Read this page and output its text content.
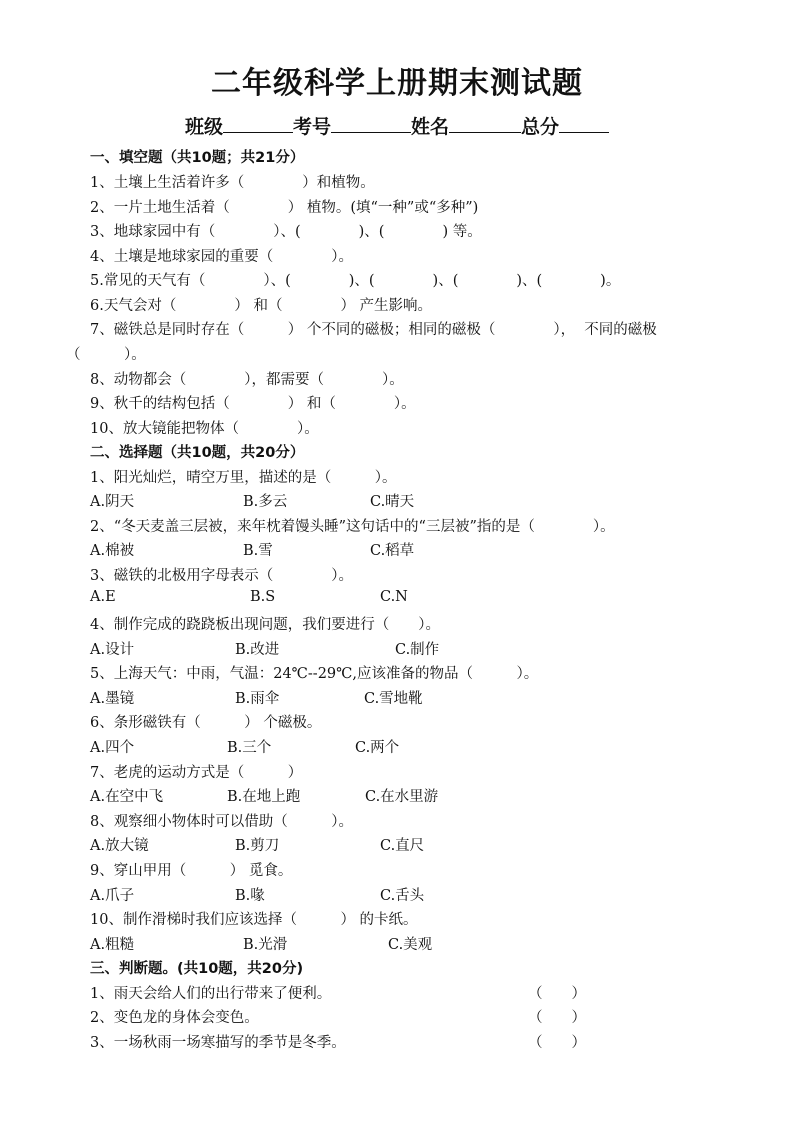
二年级科学上册期末测试题
班级	考号	姓名	总分
一、填空题（共10题；共21分）
1、土壤上生活着许多（　　　　）和植物。
2、一片土地生活着（　　　　） 植物。(填“一种”或“多种”)
3、地球家园中有（　　　　）、(　　　　)、(　　　　) 等。
4、土壤是地球家园的重要（　　　　）。
5.常见的天气有（　　　　）、(　　　　)、(　　　　)、(　　　　)、(　　　　)。
6.天气会对（　　　　） 和（　　　　） 产生影响。
7、磁铁总是同时存在（　　　） 个不同的磁极；相同的磁极（　　　　），  不同的磁极
（　　　）。
8、动物都会（　　　　），都需要（　　　　）。
9、秋千的结构包括（　　　　） 和（　　　　）。
10、放大镜能把物体（　　　　）。
二、选择题（共10题，共20分）
1、阳光灿烂，晴空万里，描述的是（　　　）。
A.阴天	B.多云	C.晴天
2、“冬天麦盖三层被，来年枕着馒头睡”这句话中的“三层被”指的是（　　　　）。
A.棉被	B.雪	C.稻草
3、磁铁的北极用字母表示（　　　　）。
A.E	B.S	C.N
4、制作完成的跷跷板出现问题，我们要进行（　　）。
A.设计	B.改进	C.制作
5、上海天气：中雨，气温：24℃--29℃,应该准备的物品（　　　）。
A.墨镜	B.雨伞	C.雪地靴
6、条形磁铁有（　　　） 个磁极。
A.四个	B.三个	C.两个
7、老虎的运动方式是（　　　）
A.在空中飞	B.在地上跑	C.在水里游
8、观察细小物体时可以借助（　　　）。
A.放大镜	B.剪刀	C.直尺
9、穿山甲用（　　　） 觅食。
A.爪子	B.喙	C.舌头
10、制作滑梯时我们应该选择（　　　） 的卡纸。
A.粗糙	B.光滑	C.美观
三、判断题。(共10题，共20分)
1、雨天会给人们的出行带来了便利。	（　　）
2、变色龙的身体会变色。	（　　）
3、一场秋雨一场寒描写的季节是冬季。	（　　）
